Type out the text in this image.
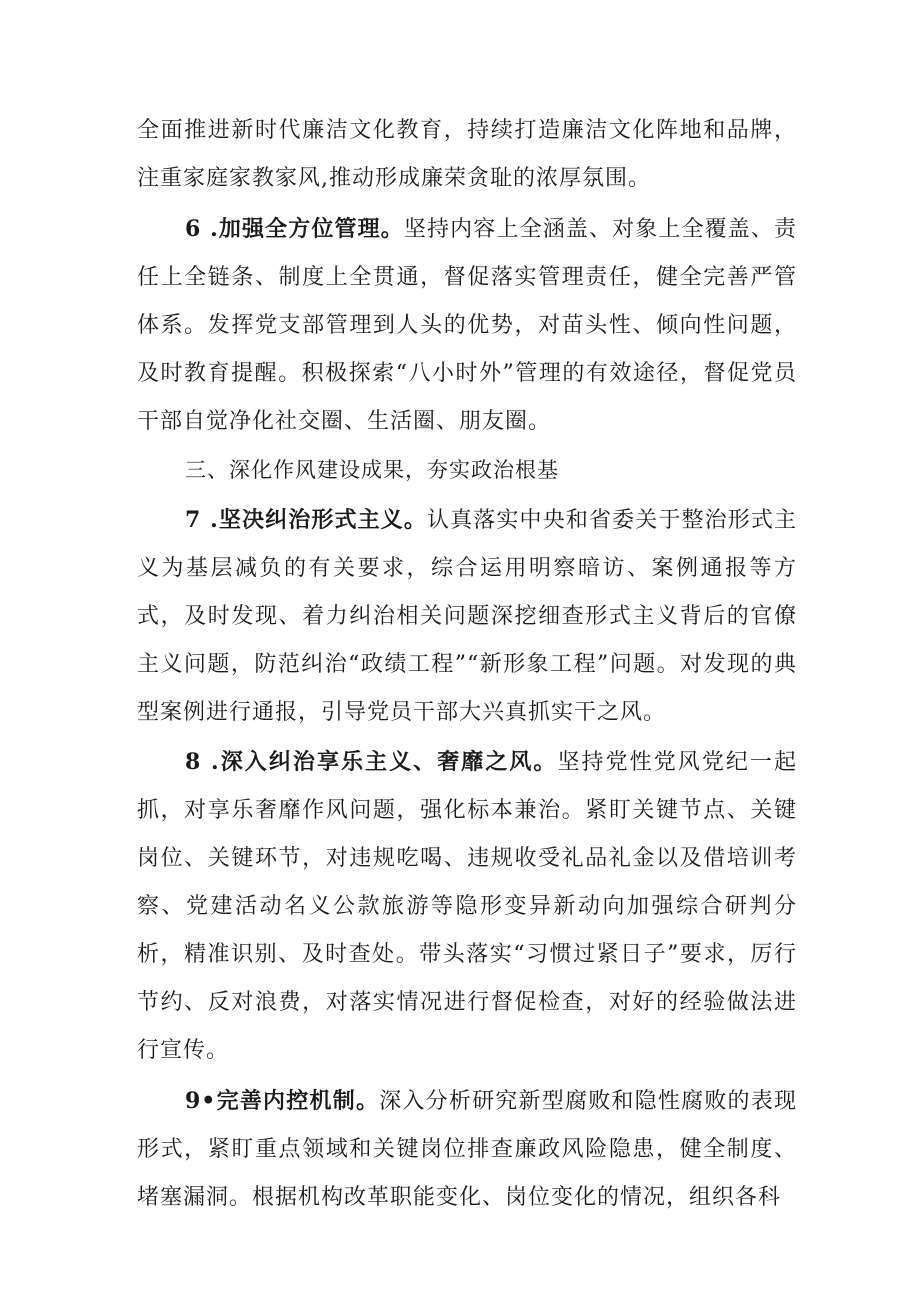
全面推进新时代廉洁文化教育，持续打造廉洁文化阵地和品牌，注重家庭家教家风,推动形成廉荣贪耻的浓厚氛围。

6 .加强全方位管理。坚持内容上全涵盖、对象上全覆盖、责任上全链条、制度上全贯通，督促落实管理责任，健全完善严管体系。发挥党支部管理到人头的优势，对苗头性、倾向性问题，及时教育提醒。积极探索“八小时外”管理的有效途径，督促党员干部自觉净化社交圈、生活圈、朋友圈。

三、深化作风建设成果，夯实政治根基

7 .坚决纠治形式主义。认真落实中央和省委关于整治形式主义为基层减负的有关要求，综合运用明察暗访、案例通报等方式，及时发现、着力纠治相关问题深挖细查形式主义背后的官僚主义问题，防范纠治“政绩工程”“新形象工程”问题。对发现的典型案例进行通报，引导党员干部大兴真抓实干之风。

8 .深入纠治享乐主义、奢靡之风。坚持党性党风党纪一起抓，对享乐奢靡作风问题，强化标本兼治。紧盯关键节点、关键岗位、关键环节，对违规吃喝、违规收受礼品礼金以及借培训考察、党建活动名义公款旅游等隐形变异新动向加强综合研判分析，精准识别、及时查处。带头落实“习惯过紧日子”要求，厉行节约、反对浪费，对落实情况进行督促检查，对好的经验做法进行宣传。

9•完善内控机制。深入分析研究新型腐败和隐性腐败的表现形式，紧盯重点领域和关键岗位排查廉政风险隐患，健全制度、堵塞漏洞。根据机构改革职能变化、岗位变化的情况，组织各科
